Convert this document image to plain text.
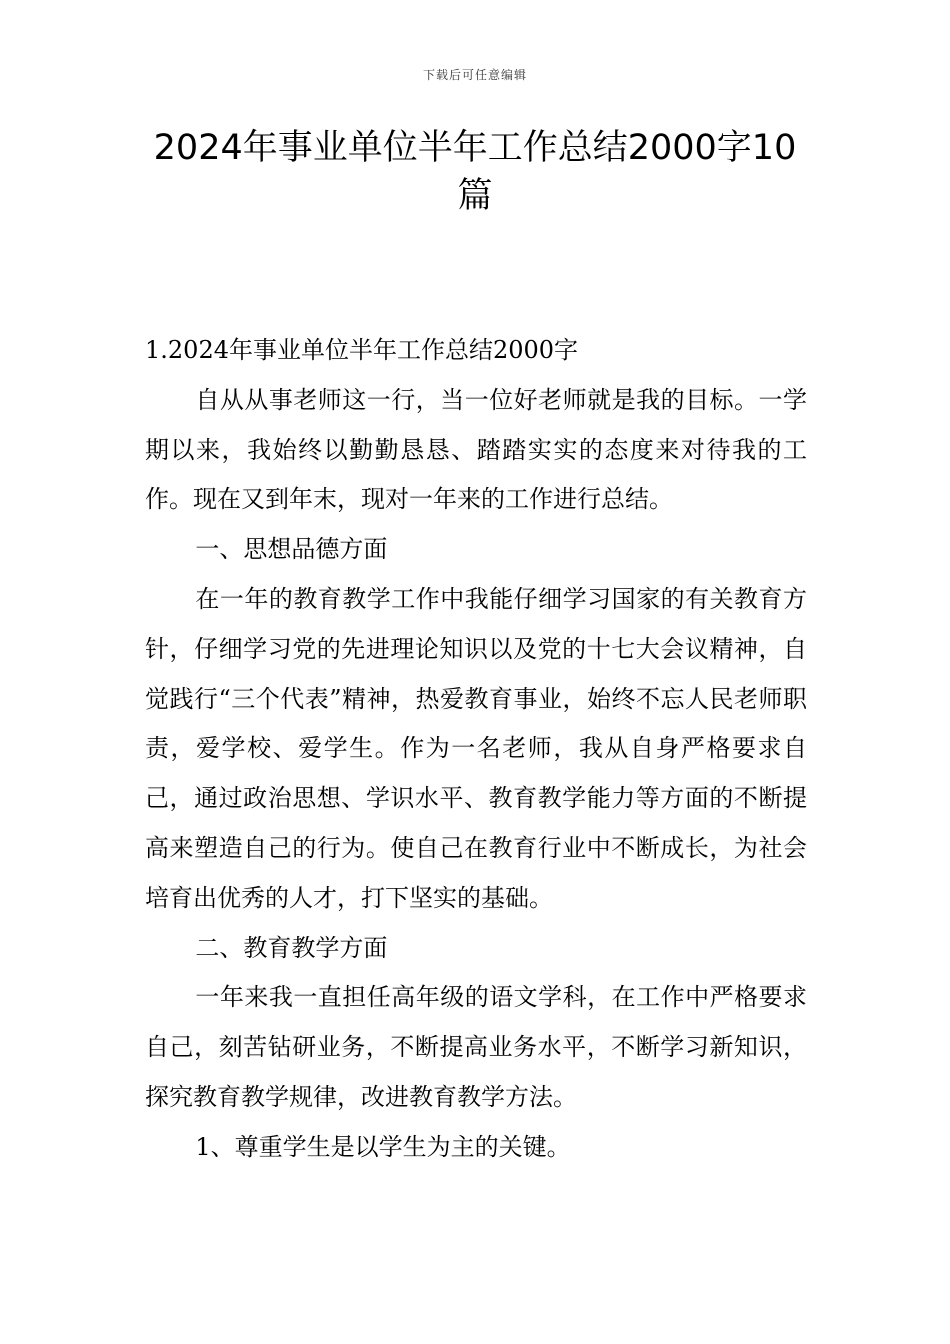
下载后可任意编辑
2024年事业单位半年工作总结2000字10篇

1.2024年事业单位半年工作总结2000字

自从从事老师这一行，当一位好老师就是我的目标。一学期以来，我始终以勤勤恳恳、踏踏实实的态度来对待我的工作。现在又到年末，现对一年来的工作进行总结。

一、思想品德方面

在一年的教育教学工作中我能仔细学习国家的有关教育方针，仔细学习党的先进理论知识以及党的十七大会议精神，自觉践行“三个代表”精神，热爱教育事业，始终不忘人民老师职责，爱学校、爱学生。作为一名老师，我从自身严格要求自己，通过政治思想、学识水平、教育教学能力等方面的不断提高来塑造自己的行为。使自己在教育行业中不断成长，为社会培育出优秀的人才，打下坚实的基础。

二、教育教学方面

一年来我一直担任高年级的语文学科，在工作中严格要求自己，刻苦钻研业务，不断提高业务水平，不断学习新知识，探究教育教学规律，改进教育教学方法。

1、尊重学生是以学生为主的关键。
